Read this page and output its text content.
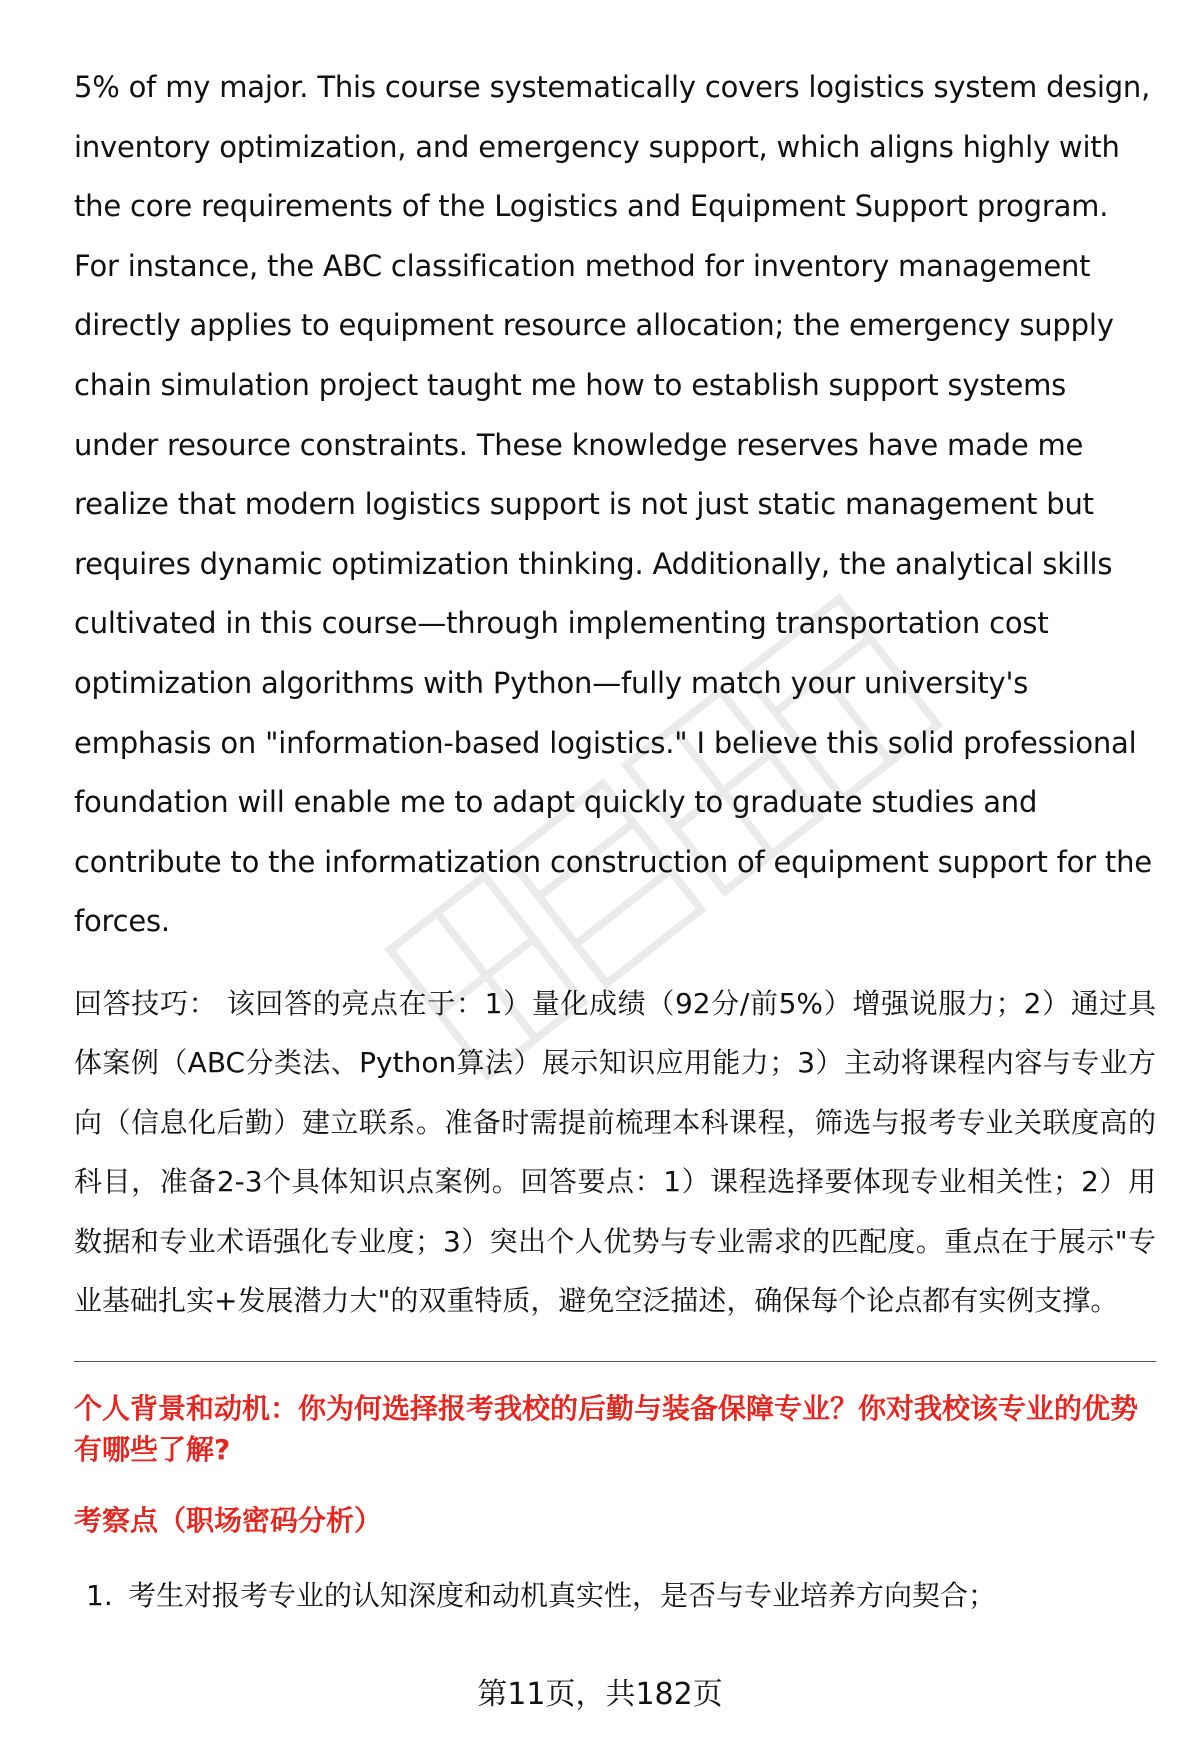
5% of my major. This course systematically covers logistics system design, inventory optimization, and emergency support, which aligns highly with the core requirements of the Logistics and Equipment Support program. For instance, the ABC classification method for inventory management directly applies to equipment resource allocation; the emergency supply chain simulation project taught me how to establish support systems under resource constraints. These knowledge reserves have made me realize that modern logistics support is not just static management but requires dynamic optimization thinking. Additionally, the analytical skills cultivated in this course—through implementing transportation cost optimization algorithms with Python—fully match your university's emphasis on "information-based logistics." I believe this solid professional foundation will enable me to adapt quickly to graduate studies and contribute to the informatization construction of equipment support for the forces.

回答技巧： 该回答的亮点在于：1）量化成绩（92分/前5%）增强说服力；2）通过具体案例（ABC分类法、Python算法）展示知识应用能力；3）主动将课程内容与专业方向（信息化后勤）建立联系。准备时需提前梳理本科课程，筛选与报考专业关联度高的科目，准备2-3个具体知识点案例。回答要点：1）课程选择要体现专业相关性；2）用数据和专业术语强化专业度；3）突出个人优势与专业需求的匹配度。重点在于展示"专业基础扎实+发展潜力大"的双重特质，避免空泛描述，确保每个论点都有实例支撑。

个人背景和动机：你为何选择报考我校的后勤与装备保障专业？你对我校该专业的优势有哪些了解?
考察点（职场密码分析）
1. 考生对报考专业的认知深度和动机真实性，是否与专业培养方向契合；
第11页，共182页
